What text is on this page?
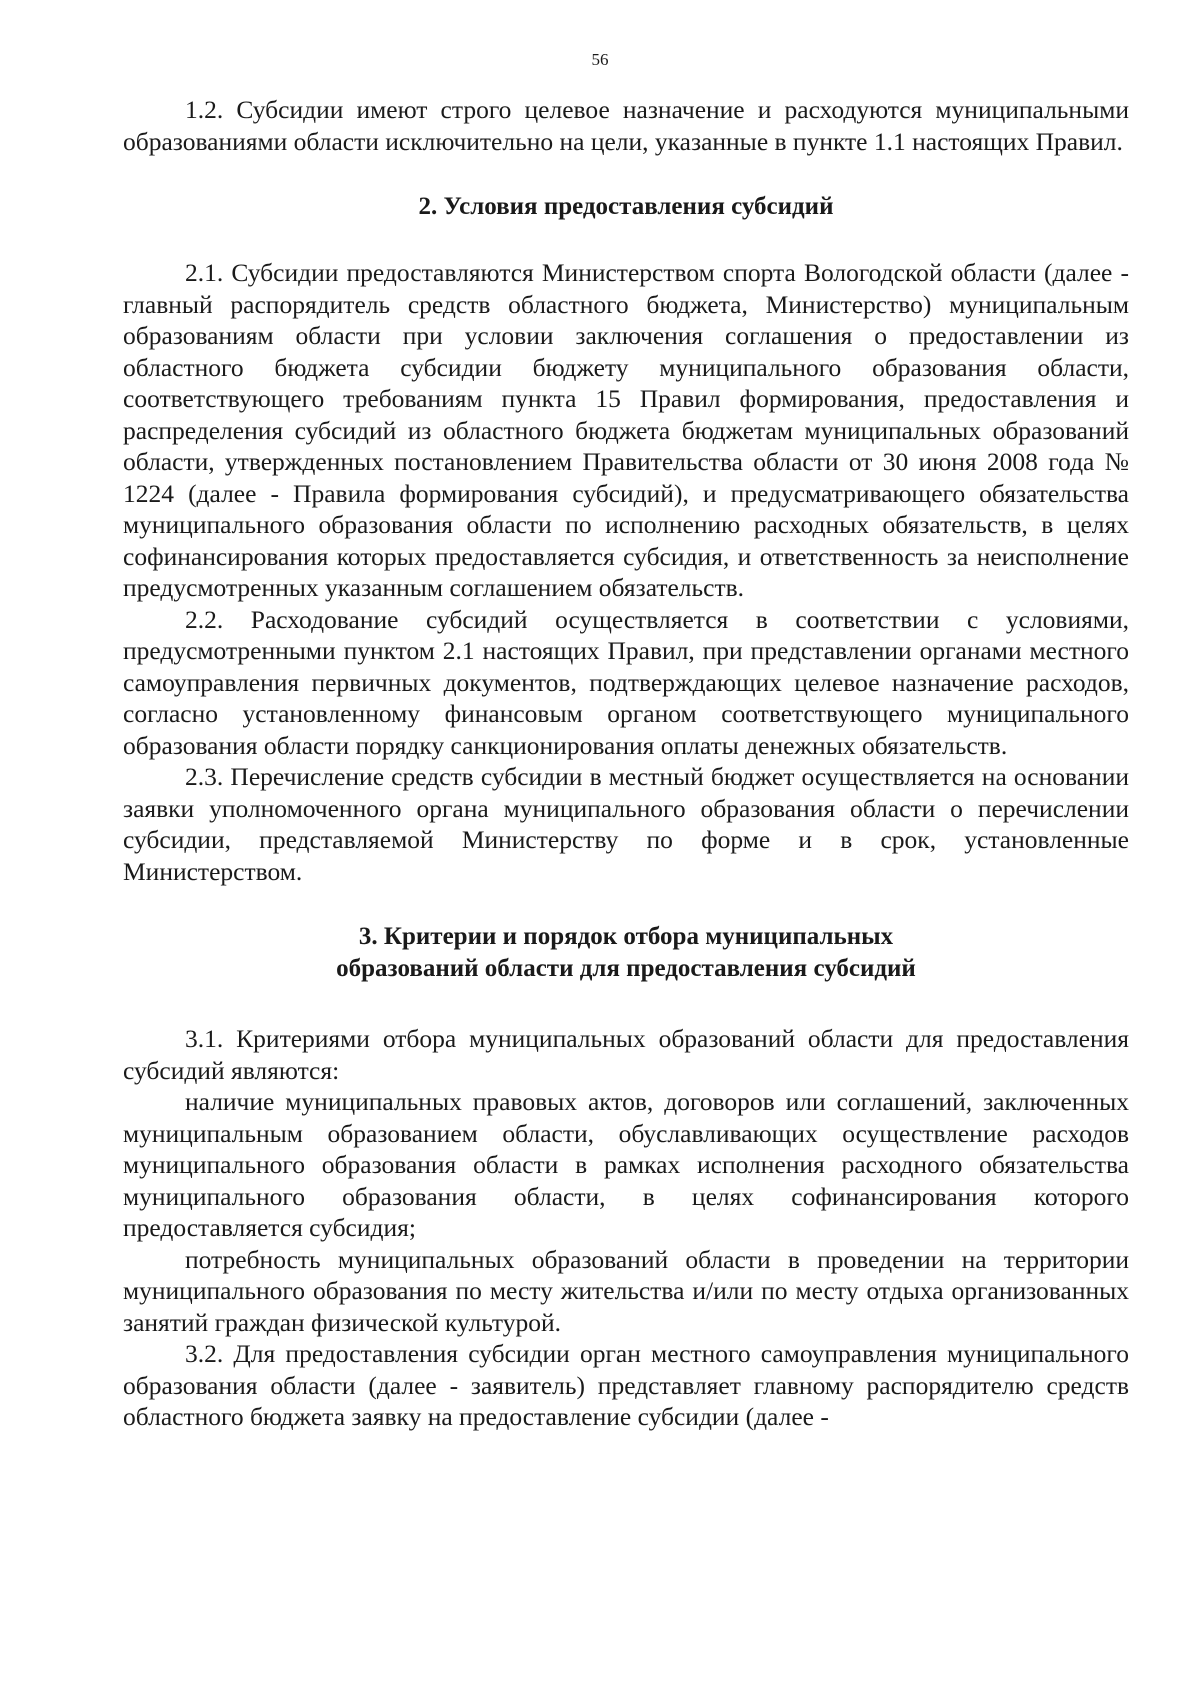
56

1.2. Субсидии имеют строго целевое назначение и расходуются муниципальными образованиями области исключительно на цели, указанные в пункте 1.1 настоящих Правил.

2. Условия предоставления субсидий

2.1. Субсидии предоставляются Министерством спорта Вологодской области (далее - главный распорядитель средств областного бюджета, Министерство) муниципальным образованиям области при условии заключения соглашения о предоставлении из областного бюджета субсидии бюджету муниципального образования области, соответствующего требованиям пункта 15 Правил формирования, предоставления и распределения субсидий из областного бюджета бюджетам муниципальных образований области, утвержденных постановлением Правительства области от 30 июня 2008 года № 1224 (далее - Правила формирования субсидий), и предусматривающего обязательства муниципального образования области по исполнению расходных обязательств, в целях софинансирования которых предоставляется субсидия, и ответственность за неисполнение предусмотренных указанным соглашением обязательств.

2.2. Расходование субсидий осуществляется в соответствии с условиями, предусмотренными пунктом 2.1 настоящих Правил, при представлении органами местного самоуправления первичных документов, подтверждающих целевое назначение расходов, согласно установленному финансовым органом соответствующего муниципального образования области порядку санкционирования оплаты денежных обязательств.

2.3. Перечисление средств субсидии в местный бюджет осуществляется на основании заявки уполномоченного органа муниципального образования области о перечислении субсидии, представляемой Министерству по форме и в срок, установленные Министерством.

3. Критерии и порядок отбора муниципальных
образований области для предоставления субсидий

3.1. Критериями отбора муниципальных образований области для предоставления субсидий являются:

наличие муниципальных правовых актов, договоров или соглашений, заключенных муниципальным образованием области, обуславливающих осуществление расходов муниципального образования области в рамках исполнения расходного обязательства муниципального образования области, в целях софинансирования которого предоставляется субсидия;

потребность муниципальных образований области в проведении на территории муниципального образования по месту жительства и/или по месту отдыха организованных занятий граждан физической культурой.

3.2. Для предоставления субсидии орган местного самоуправления муниципального образования области (далее - заявитель) представляет главному распорядителю средств областного бюджета заявку на предоставление субсидии (далее -
